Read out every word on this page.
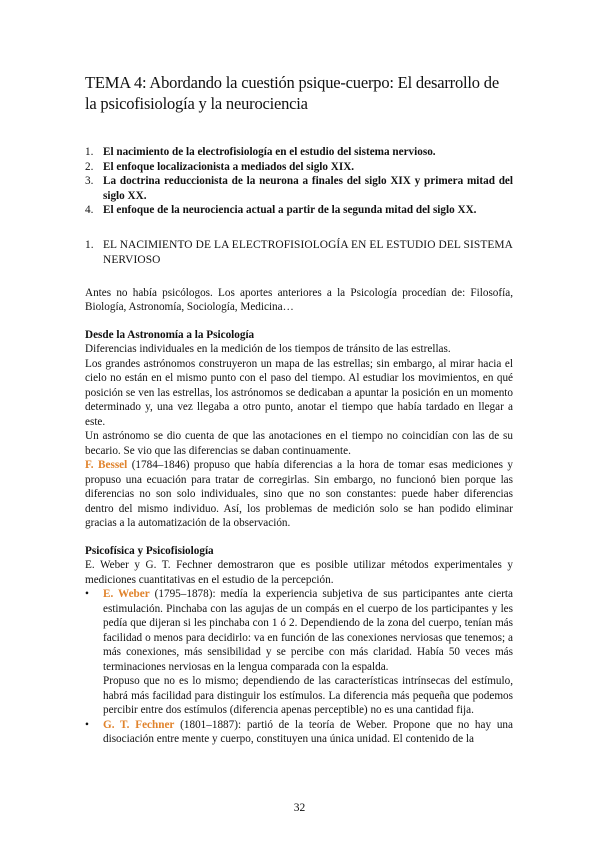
TEMA 4: Abordando la cuestión psique-cuerpo: El desarrollo de la psicofisiología y la neurociencia
1. El nacimiento de la electrofisiología en el estudio del sistema nervioso.
2. El enfoque localizacionista a mediados del siglo XIX.
3. La doctrina reduccionista de la neurona a finales del siglo XIX y primera mitad del siglo XX.
4. El enfoque de la neurociencia actual a partir de la segunda mitad del siglo XX.
1. EL NACIMIENTO DE LA ELECTROFISIOLOGÍA EN EL ESTUDIO DEL SISTEMA NERVIOSO

Antes no había psicólogos. Los aportes anteriores a la Psicología procedían de: Filosofía, Biología, Astronomía, Sociología, Medicina…

Desde la Astronomía a la Psicología

Diferencias individuales en la medición de los tiempos de tránsito de las estrellas.

Los grandes astrónomos construyeron un mapa de las estrellas; sin embargo, al mirar hacia el cielo no están en el mismo punto con el paso del tiempo. Al estudiar los movimientos, en qué posición se ven las estrellas, los astrónomos se dedicaban a apuntar la posición en un momento determinado y, una vez llegaba a otro punto, anotar el tiempo que había tardado en llegar a este.

Un astrónomo se dio cuenta de que las anotaciones en el tiempo no coincidían con las de su becario. Se vio que las diferencias se daban continuamente.

F. Bessel (1784–1846) propuso que había diferencias a la hora de tomar esas mediciones y propuso una ecuación para tratar de corregirlas. Sin embargo, no funcionó bien porque las diferencias no son solo individuales, sino que no son constantes: puede haber diferencias dentro del mismo individuo. Así, los problemas de medición solo se han podido eliminar gracias a la automatización de la observación.

Psicofísica y Psicofisiología

E. Weber y G. T. Fechner demostraron que es posible utilizar métodos experimentales y mediciones cuantitativas en el estudio de la percepción.

•	E. Weber (1795–1878): medía la experiencia subjetiva de sus participantes ante cierta estimulación. Pinchaba con las agujas de un compás en el cuerpo de los participantes y les pedía que dijeran si les pinchaba con 1 ó 2. Dependiendo de la zona del cuerpo, tenían más facilidad o menos para decidirlo: va en función de las conexiones nerviosas que tenemos; a más conexiones, más sensibilidad y se percibe con más claridad. Había 50 veces más terminaciones nerviosas en la lengua comparada con la espalda.

Propuso que no es lo mismo; dependiendo de las características intrínsecas del estímulo, habrá más facilidad para distinguir los estímulos. La diferencia más pequeña que podemos percibir entre dos estímulos (diferencia apenas perceptible) no es una cantidad fija.

•	G. T. Fechner (1801–1887): partió de la teoría de Weber. Propone que no hay una disociación entre mente y cuerpo, constituyen una única unidad. El contenido de la

32
